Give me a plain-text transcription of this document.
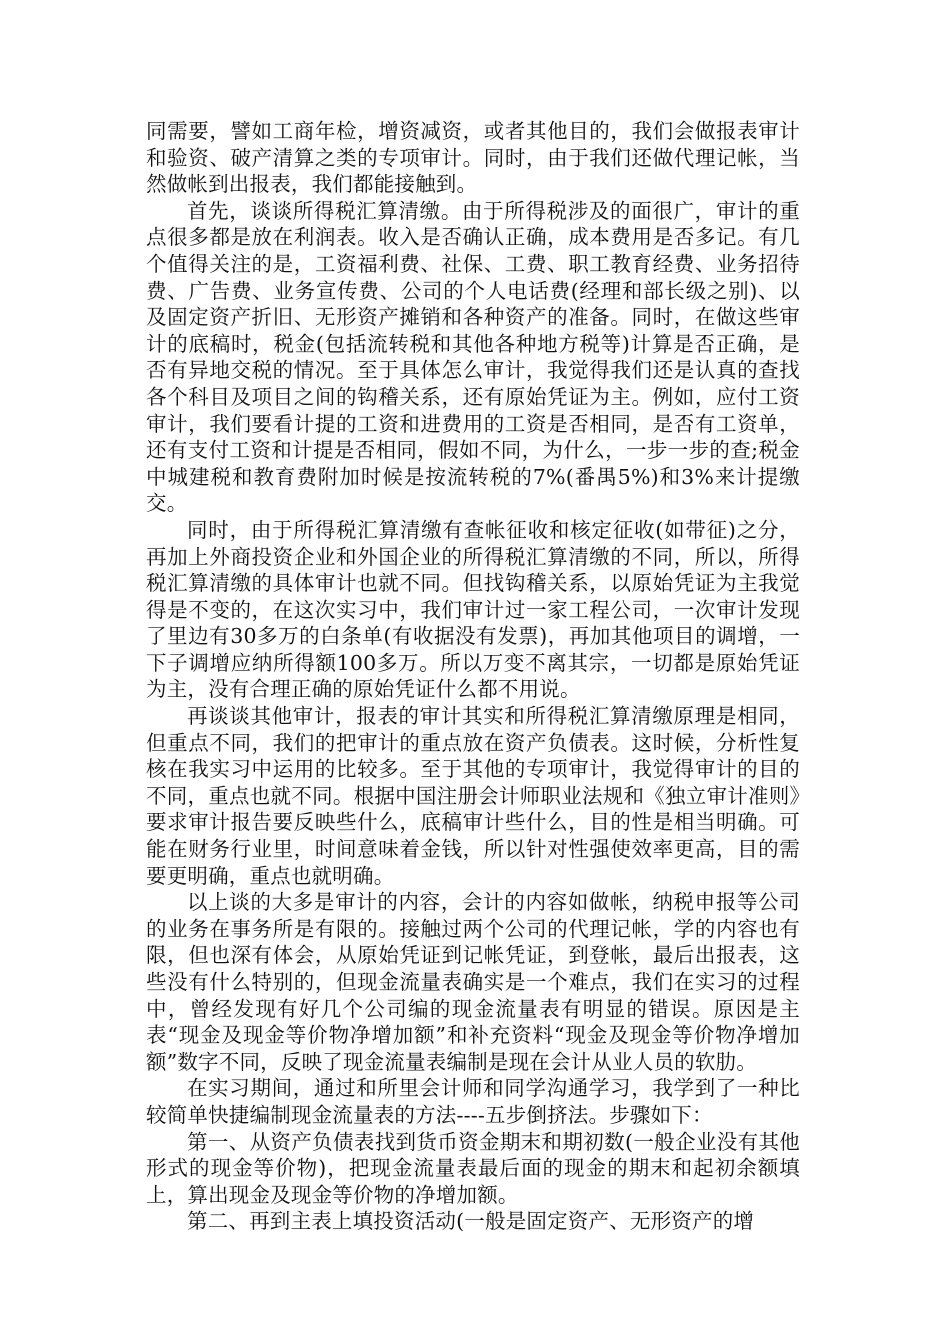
同需要，譬如工商年检，增资减资，或者其他目的，我们会做报表审计和验资、破产清算之类的专项审计。同时，由于我们还做代理记帐，当然做帐到出报表，我们都能接触到。

首先，谈谈所得税汇算清缴。由于所得税涉及的面很广，审计的重点很多都是放在利润表。收入是否确认正确，成本费用是否多记。有几个值得关注的是，工资福利费、社保、工费、职工教育经费、业务招待费、广告费、业务宣传费、公司的个人电话费(经理和部长级之别)、以及固定资产折旧、无形资产摊销和各种资产的准备。同时，在做这些审计的底稿时，税金(包括流转税和其他各种地方税等)计算是否正确，是否有异地交税的情况。至于具体怎么审计，我觉得我们还是认真的查找各个科目及项目之间的钩稽关系，还有原始凭证为主。例如，应付工资审计，我们要看计提的工资和进费用的工资是否相同，是否有工资单，还有支付工资和计提是否相同，假如不同，为什么，一步一步的查;税金中城建税和教育费附加时候是按流转税的7%(番禺5%)和3%来计提缴交。

同时，由于所得税汇算清缴有查帐征收和核定征收(如带征)之分，再加上外商投资企业和外国企业的所得税汇算清缴的不同，所以，所得税汇算清缴的具体审计也就不同。但找钩稽关系，以原始凭证为主我觉得是不变的，在这次实习中，我们审计过一家工程公司，一次审计发现了里边有30多万的白条单(有收据没有发票)，再加其他项目的调增，一下子调增应纳所得额100多万。所以万变不离其宗，一切都是原始凭证为主，没有合理正确的原始凭证什么都不用说。

再谈谈其他审计，报表的审计其实和所得税汇算清缴原理是相同，但重点不同，我们的把审计的重点放在资产负债表。这时候，分析性复核在我实习中运用的比较多。至于其他的专项审计，我觉得审计的目的不同，重点也就不同。根据中国注册会计师职业法规和《独立审计准则》要求审计报告要反映些什么，底稿审计些什么，目的性是相当明确。可能在财务行业里，时间意味着金钱，所以针对性强使效率更高，目的需要更明确，重点也就明确。

以上谈的大多是审计的内容，会计的内容如做帐，纳税申报等公司的业务在事务所是有限的。接触过两个公司的代理记帐，学的内容也有限，但也深有体会，从原始凭证到记帐凭证，到登帐，最后出报表，这些没有什么特别的，但现金流量表确实是一个难点，我们在实习的过程中，曾经发现有好几个公司编的现金流量表有明显的错误。原因是主表“现金及现金等价物净增加额”和补充资料“现金及现金等价物净增加额”数字不同，反映了现金流量表编制是现在会计从业人员的软肋。

在实习期间，通过和所里会计师和同学沟通学习，我学到了一种比较简单快捷编制现金流量表的方法----五步倒挤法。步骤如下：

第一、从资产负债表找到货币资金期末和期初数(一般企业没有其他形式的现金等价物)，把现金流量表最后面的现金的期末和起初余额填上，算出现金及现金等价物的净增加额。

第二、再到主表上填投资活动(一般是固定资产、无形资产的增
